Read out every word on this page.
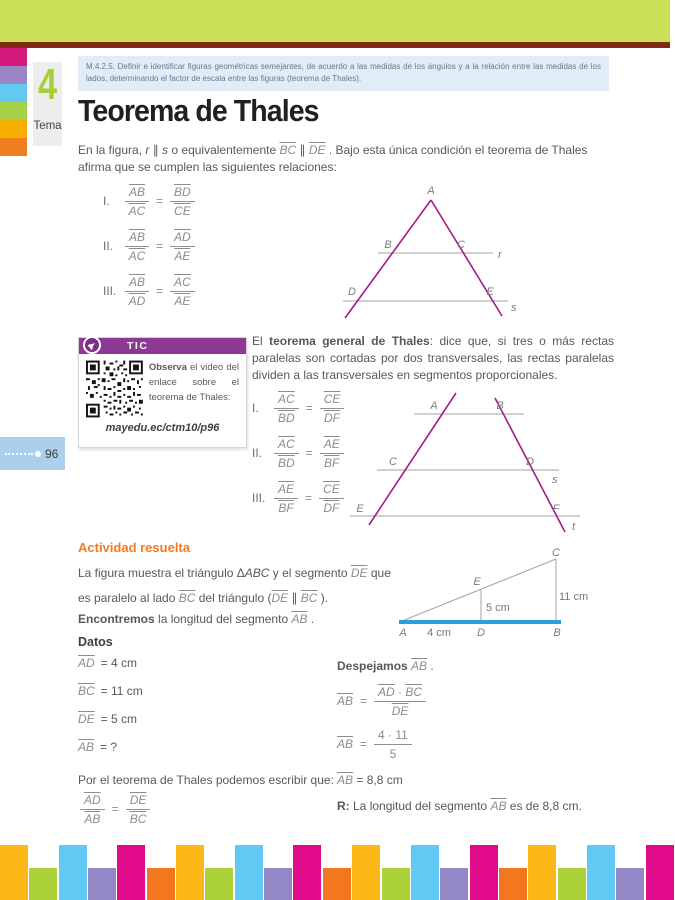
4
Tema
M.4.2.5. Definir e identificar figuras geométricas semejantes, de acuerdo a las medidas de los ángulos y a la relación entre las medidas de los lados, determinando el factor de escala entre las figuras (teorema de Thales).
Teorema de Thales
En la figura, r ∥ s o equivalentemente $\overline{BC}$ ∥ $\overline{DE}$ . Bajo esta única condición el teorema de Thales afirma que se cumplen las siguientes relaciones:
I.	$\frac{\overline{AB}}{AC} = \frac{\overline{BD}}{CE}$
II. $\frac{\overline{AB}}{AC} = \frac{\overline{AD}}{AE}$
III. $\frac{\overline{AB}}{AD} = \frac{\overline{AC}}{AE}$
A
B	C
r
D	E
s
TIC
Observa el video del enlace sobre el teorema de Thales:
mayedu.ec/ctm10/p96
El teorema general de Thales: dice que, si tres o más rectas paralelas son cortadas por dos transversales, las rectas paralelas dividen a las transversales en segmentos proporcionales.
I.	$\frac{\overline{AC}}{BD} = \frac{\overline{CE}}{DF}$
II. $\frac{\overline{AC}}{BD} = \frac{\overline{AE}}{BF}$
III. $\frac{\overline{AE}}{BF} = \frac{\overline{CE}}{DF}$
A	B
C	D
s
E	F
t
96
Actividad resuelta
La figura muestra el triángulo ΔABC y el segmento $\overline{DE}$ que es paralelo al lado $\overline{BC}$ del triángulo ($\overline{DE}$ ∥ $\overline{BC}$ ).
Encontremos la longitud del segmento $\overline{AB}$ .
A	D	B
C
E
4 cm
5 cm
11 cm
Datos
$\overline{AD} = 4$ cm
$\overline{BC} = 11$ cm
$\overline{DE} = 5$ cm
$\overline{AB}$ = ?
Por el teorema de Thales podemos escribir que:
$\frac{\overline{AD}}{AB} = \frac{\overline{DE}}{BC}$
Despejamos $\overline{AB}$ .
$\overline{AB} = \frac{\overline{AD} \cdot \overline{BC}}{DE}$
$\overline{AB} = \frac{4 \cdot 11}{5}$
$\overline{AB} = 8,8$ cm
R: La longitud del segmento $\overline{AB}$ es de 8,8 cm.
